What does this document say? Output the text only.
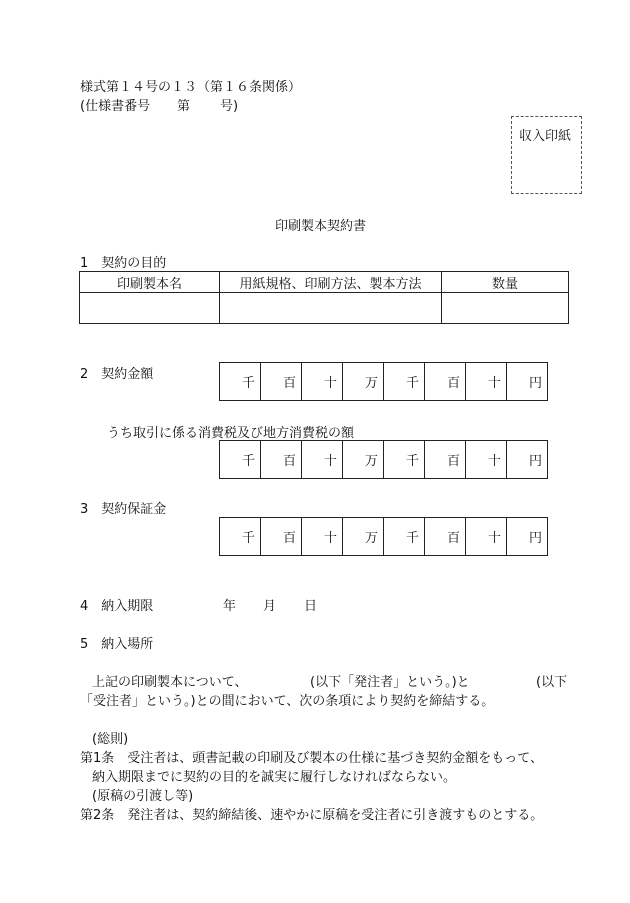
様式第１４号の１３（第１６条関係）
(仕様書番号 第 号)
収入印紙
印刷製本契約書
1　契約の目的
印刷製本名	用紙規格、印刷方法、製本方法	数量

2　契約金額
千	百	十	万	千	百	十	円
うち取引に係る消費税及び地方消費税の額
千	百	十	万	千	百	十	円
3　契約保証金
千	百	十	万	千	百	十	円
4　納入期限	年 月 日
5　納入場所
上記の印刷製本について、	(以下「発注者」という。)と	(以下
「受注者」という。)との間において、次の条項により契約を締結する。
(総則)
第1条　受注者は、頭書記載の印刷及び製本の仕様に基づき契約金額をもって、
納入期限までに契約の目的を誠実に履行しなければならない。
(原稿の引渡し等)
第2条　発注者は、契約締結後、速やかに原稿を受注者に引き渡すものとする。
